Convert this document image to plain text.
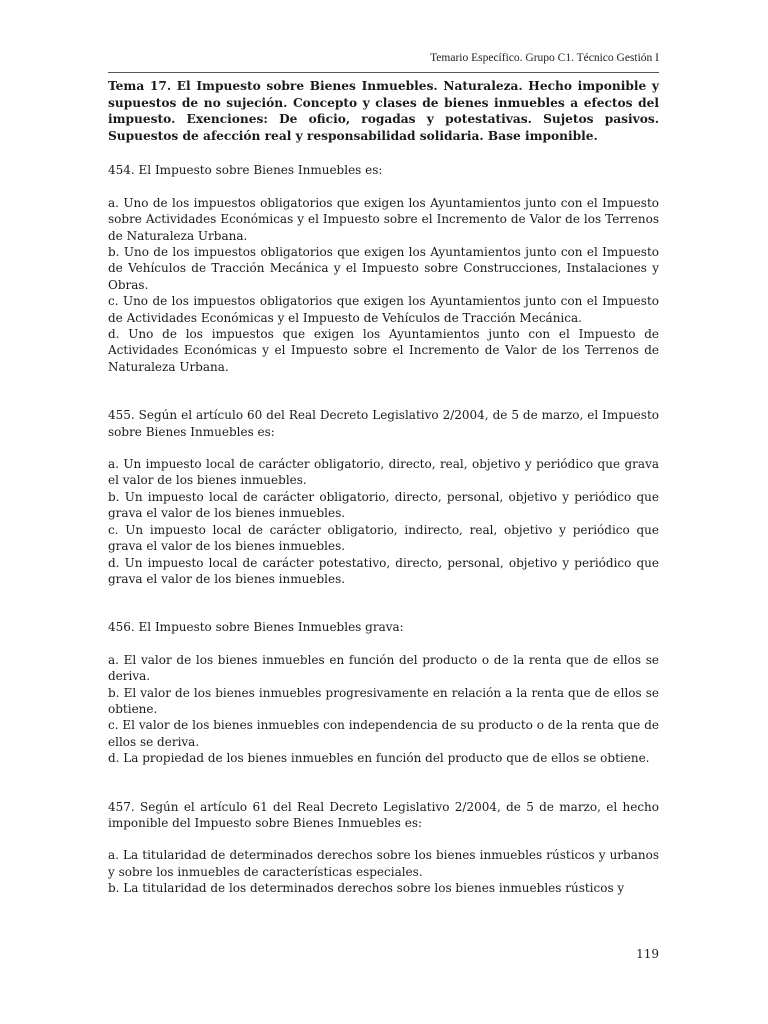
Temario Específico. Grupo C1. Técnico Gestión I

Tema 17. El Impuesto sobre Bienes Inmuebles. Naturaleza. Hecho imponible y supuestos de no sujeción. Concepto y clases de bienes inmuebles a efectos del impuesto. Exenciones: De oficio, rogadas y potestativas. Sujetos pasivos. Supuestos de afección real y responsabilidad solidaria. Base imponible.

454. El Impuesto sobre Bienes Inmuebles es:

a. Uno de los impuestos obligatorios que exigen los Ayuntamientos junto con el Impuesto sobre Actividades Económicas y el Impuesto sobre el Incremento de Valor de los Terrenos de Naturaleza Urbana.

b. Uno de los impuestos obligatorios que exigen los Ayuntamientos junto con el Impuesto de Vehículos de Tracción Mecánica y el Impuesto sobre Construcciones, Instalaciones y Obras.

c. Uno de los impuestos obligatorios que exigen los Ayuntamientos junto con el Impuesto de Actividades Económicas y el Impuesto de Vehículos de Tracción Mecánica.

d. Uno de los impuestos que exigen los Ayuntamientos junto con el Impuesto de Actividades Económicas y el Impuesto sobre el Incremento de Valor de los Terrenos de Naturaleza Urbana.

455. Según el artículo 60 del Real Decreto Legislativo 2/2004, de 5 de marzo, el Impuesto sobre Bienes Inmuebles es:

a. Un impuesto local de carácter obligatorio, directo, real, objetivo y periódico que grava el valor de los bienes inmuebles.

b. Un impuesto local de carácter obligatorio, directo, personal, objetivo y periódico que grava el valor de los bienes inmuebles.

c. Un impuesto local de carácter obligatorio, indirecto, real, objetivo y periódico que grava el valor de los bienes inmuebles.

d. Un impuesto local de carácter potestativo, directo, personal, objetivo y periódico que grava el valor de los bienes inmuebles.

456. El Impuesto sobre Bienes Inmuebles grava:

a. El valor de los bienes inmuebles en función del producto o de la renta que de ellos se deriva.

b. El valor de los bienes inmuebles progresivamente en relación a la renta que de ellos se obtiene.

c. El valor de los bienes inmuebles con independencia de su producto o de la renta que de ellos se deriva.

d. La propiedad de los bienes inmuebles en función del producto que de ellos se obtiene.

457. Según el artículo 61 del Real Decreto Legislativo 2/2004, de 5 de marzo, el hecho imponible del Impuesto sobre Bienes Inmuebles es:

a. La titularidad de determinados derechos sobre los bienes inmuebles rústicos y urbanos y sobre los inmuebles de características especiales.

b. La titularidad de los determinados derechos sobre los bienes inmuebles rústicos y

119
